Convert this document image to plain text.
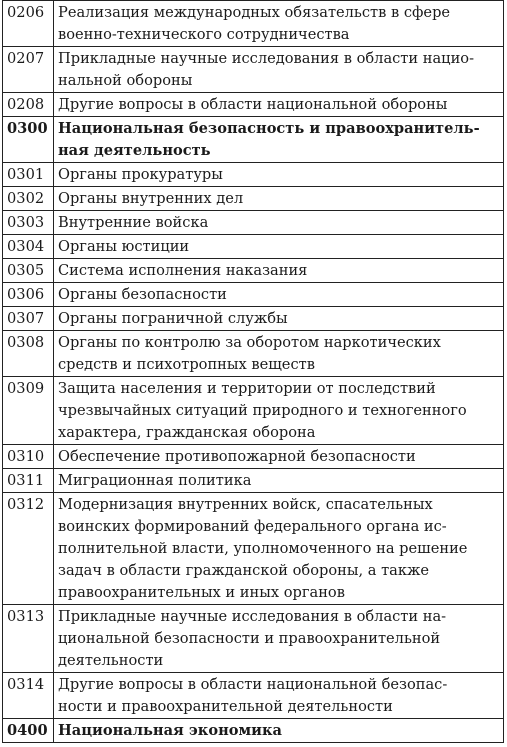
0206	Реализация международных обязательств в сфере
военно-технического сотрудничества

0207	Прикладные научные исследования в области нацио-
нальной обороны

0208	Другие вопросы в области национальной обороны

0300	Национальная безопасность и правоохранитель-
ная деятельность

0301	Органы прокуратуры

0302	Органы внутренних дел

0303	Внутренние войска

0304	Органы юстиции

0305	Система исполнения наказания

0306	Органы безопасности

0307	Органы пограничной службы

0308	Органы по контролю за оборотом наркотических
средств и психотропных веществ

0309	Защита населения и территории от последствий
чрезвычайных ситуаций природного и техногенного
характера, гражданская оборона

0310	Обеспечение противопожарной безопасности

0311	Миграционная политика

0312	Модернизация внутренних войск, спасательных
воинских формирований федерального органа ис-
полнительной власти, уполномоченного на решение
задач в области гражданской обороны, а также
правоохранительных и иных органов

0313	Прикладные научные исследования в области на-
циональной безопасности и правоохранительной
деятельности

0314	Другие вопросы в области национальной безопас-
ности и правоохранительной деятельности

0400	Национальная экономика
